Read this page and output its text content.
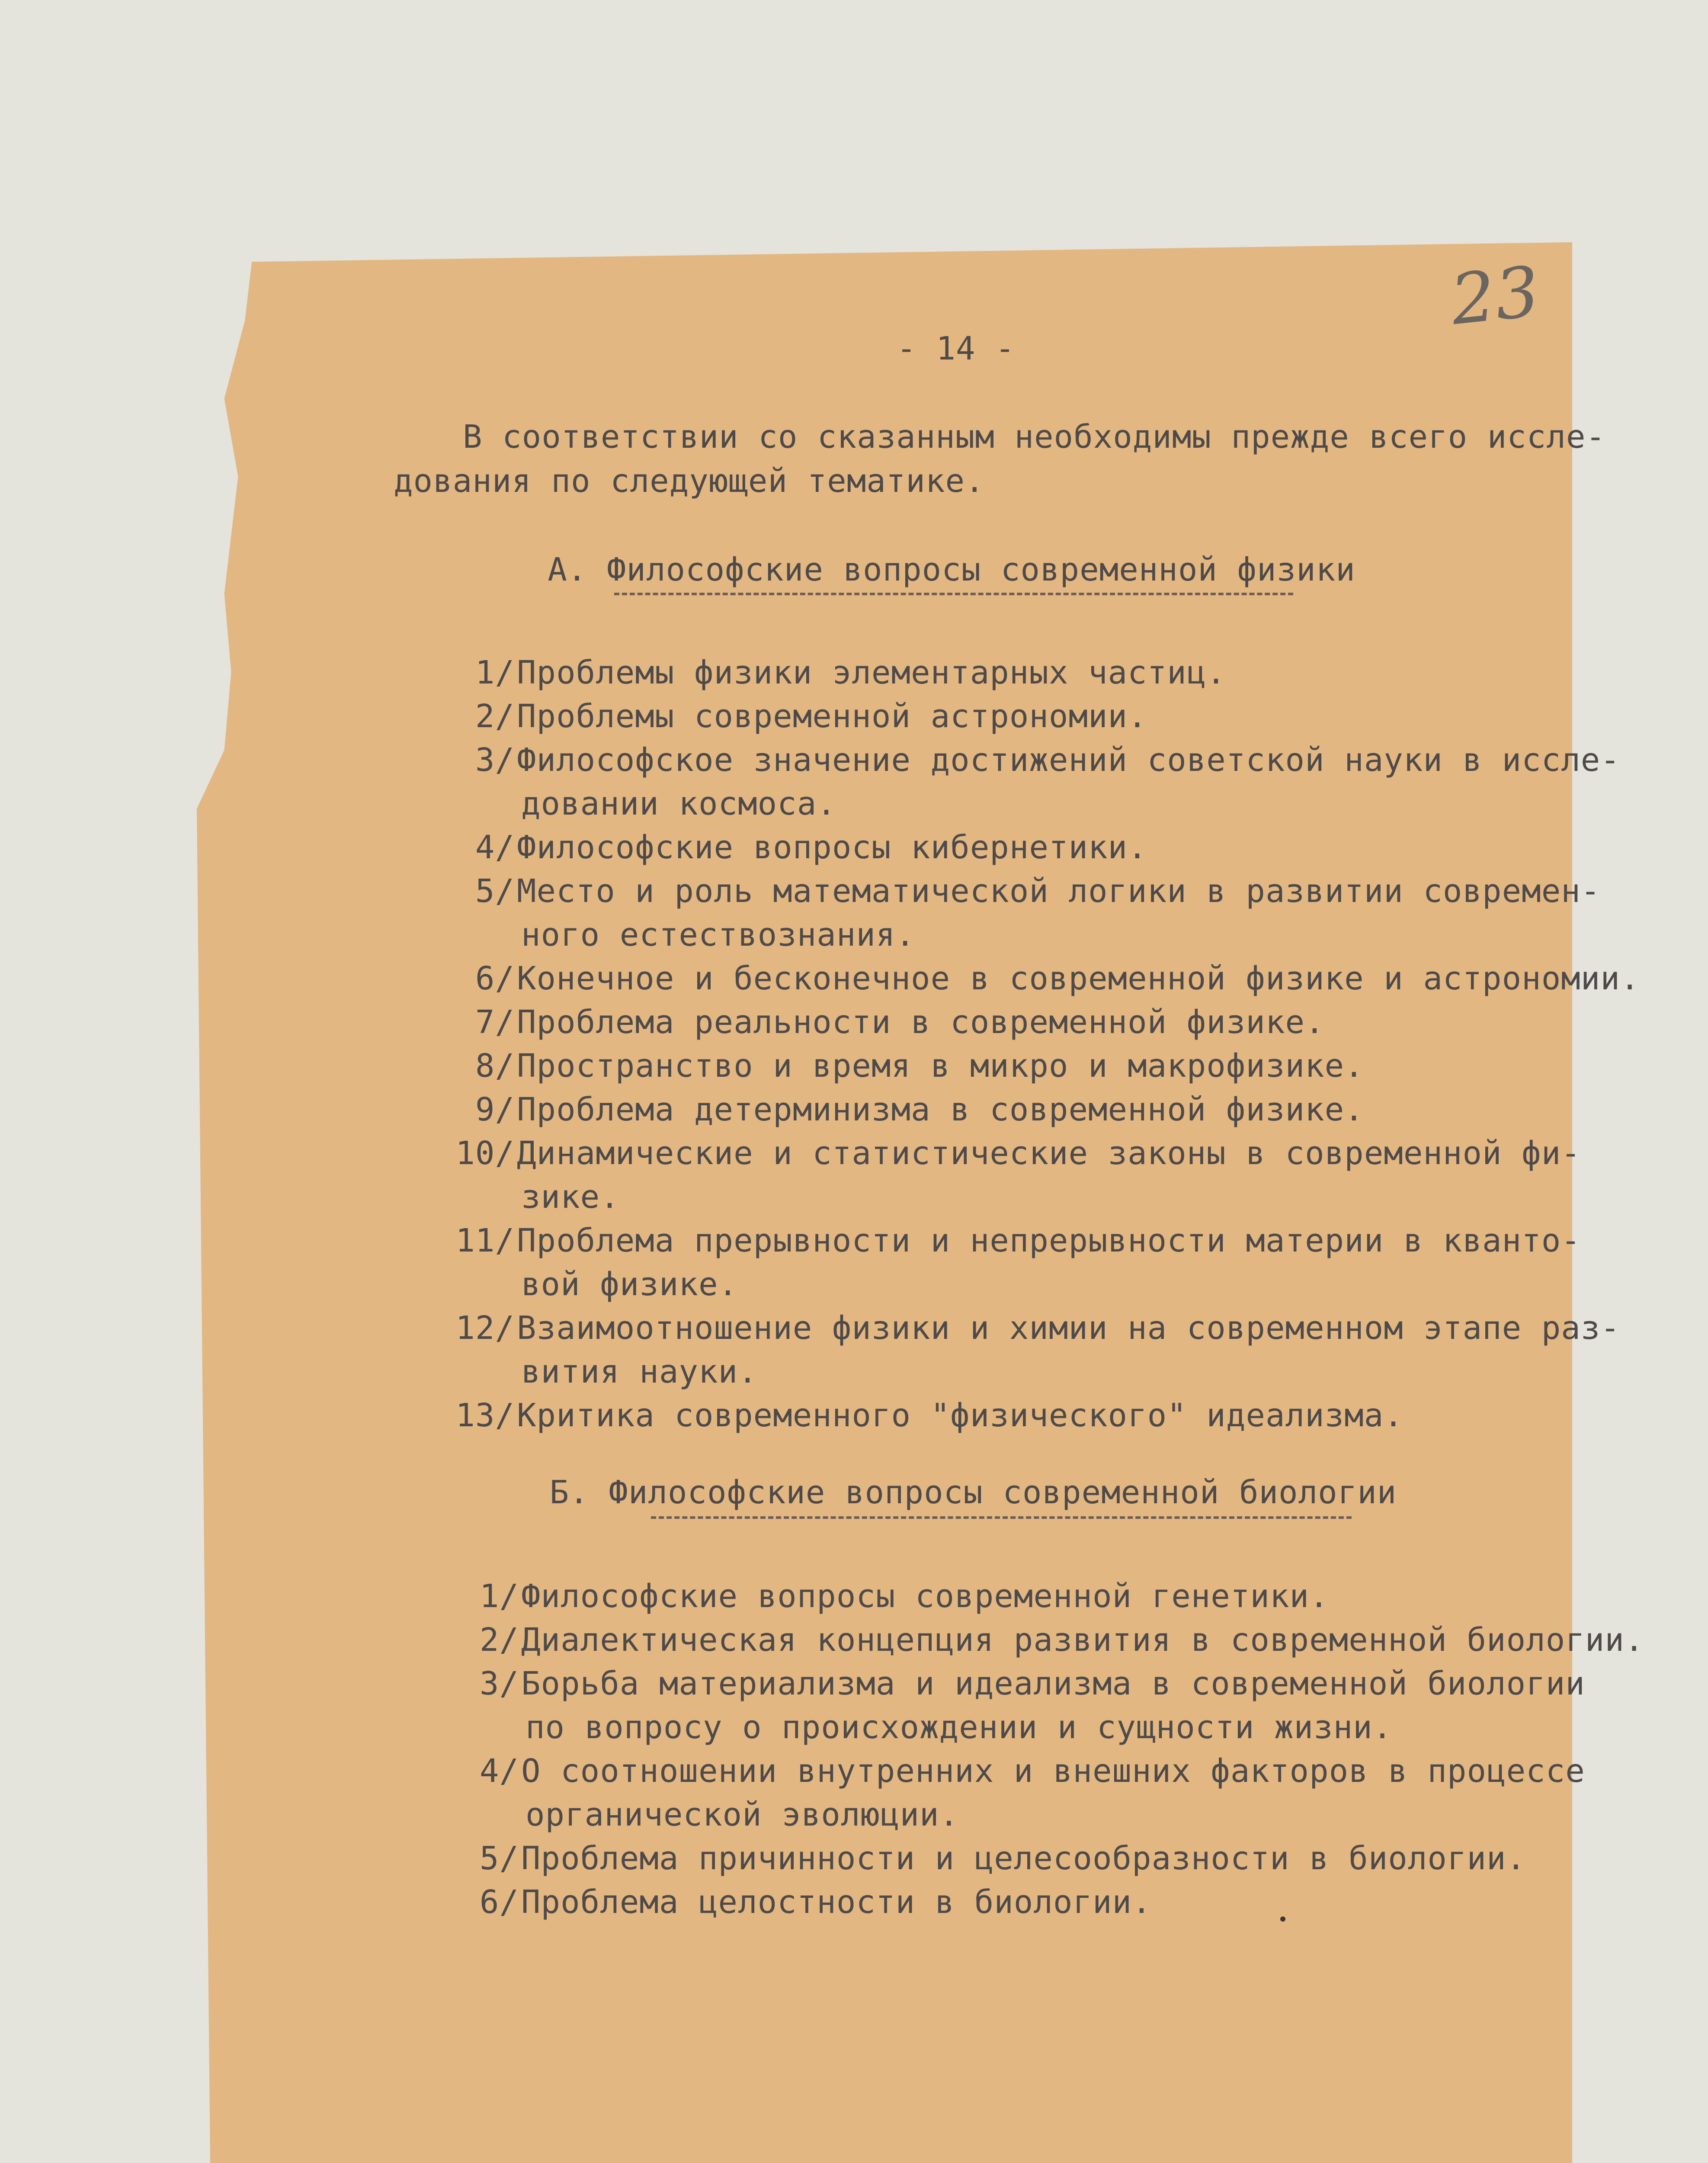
23
- 14 -
В соответствии со сказанным необходимы прежде всего иссле-
дования по следующей тематике.
А. Философские вопросы современной физики
1/ Проблемы физики элементарных частиц.
2/ Проблемы современной астрономии.
3/ Философское значение достижений советской науки в иссле-
довании космоса.
4/ Философские вопросы кибернетики.
5/ Место и роль математической логики в развитии современ-
ного естествознания.
6/ Конечное и бесконечное в современной физике и астрономии.
7/ Проблема реальности в современной физике.
8/ Пространство и время в микро и макрофизике.
9/ Проблема детерминизма в современной физике.
10/ Динамические и статистические законы в современной фи-
зике.
11/ Проблема прерывности и непрерывности материи в кванто-
вой физике.
12/ Взаимоотношение физики и химии на современном этапе раз-
вития науки.
13/ Критика современного "физического" идеализма.
Б. Философские вопросы современной биологии
1/ Философские вопросы современной генетики.
2/ Диалектическая концепция развития в современной биологии.
3/ Борьба материализма и идеализма в современной биологии
по вопросу о происхождении и сущности жизни.
4/ О соотношении внутренних и внешних факторов в процессе
органической эволюции.
5/ Проблема причинности и целесообразности в биологии.
6/ Проблема целостности в биологии.
